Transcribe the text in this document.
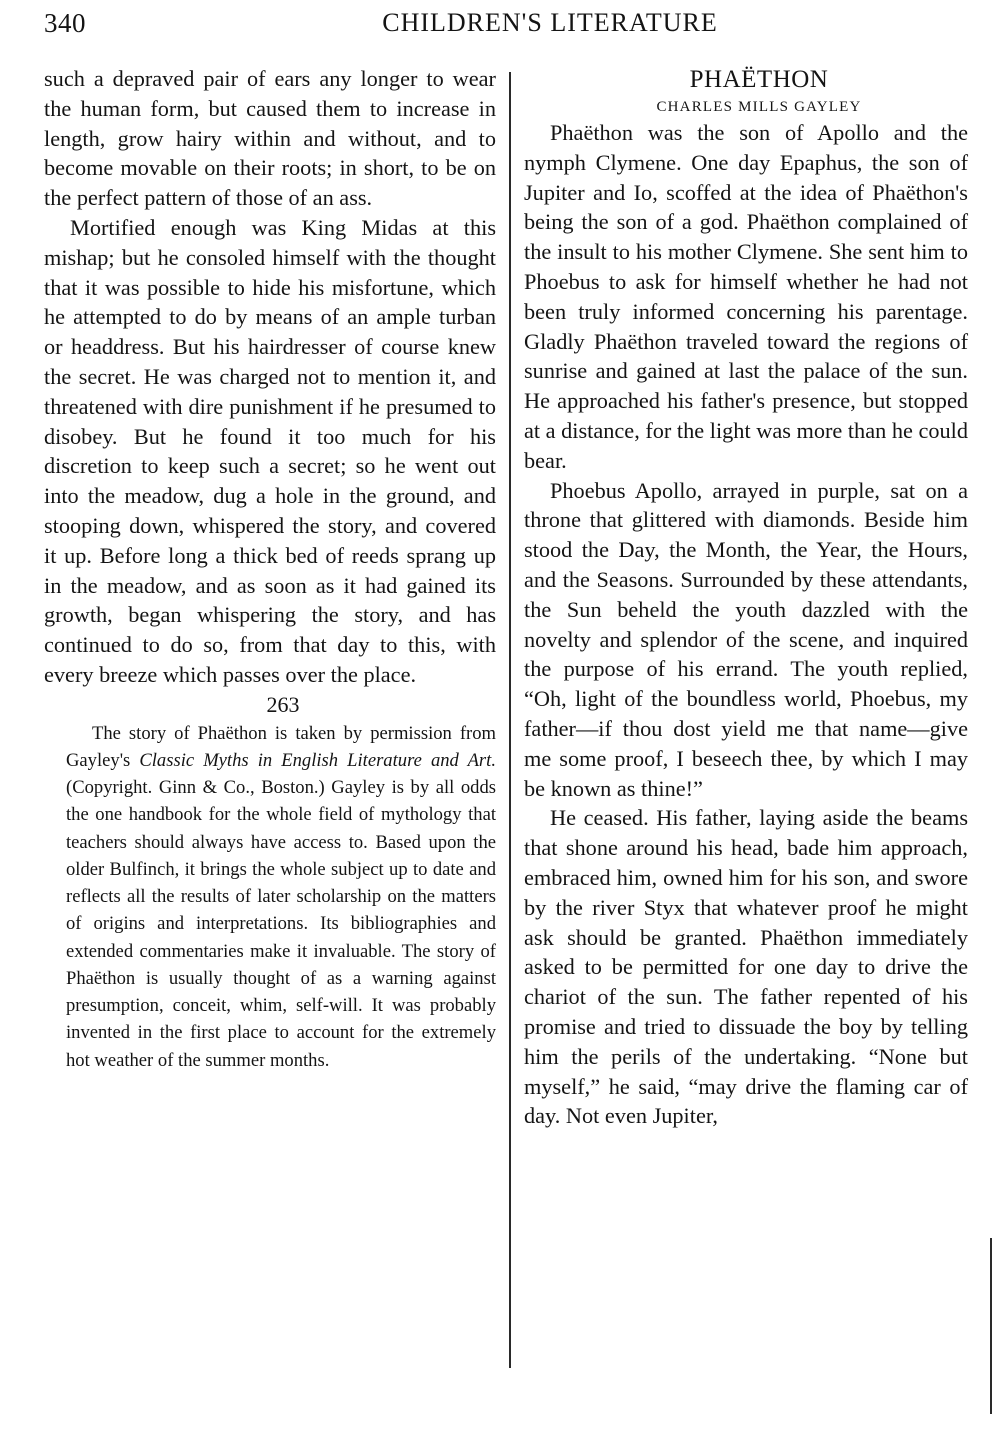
340	CHILDREN'S LITERATURE

such a depraved pair of ears any longer to wear the human form, but caused them to increase in length, grow hairy within and without, and to become movable on their roots; in short, to be on the perfect pattern of those of an ass.

Mortified enough was King Midas at this mishap; but he consoled himself with the thought that it was possible to hide his misfortune, which he attempted to do by means of an ample turban or headdress. But his hairdresser of course knew the secret. He was charged not to mention it, and threatened with dire punishment if he presumed to disobey. But he found it too much for his discretion to keep such a secret; so he went out into the meadow, dug a hole in the ground, and stooping down, whispered the story, and covered it up. Before long a thick bed of reeds sprang up in the meadow, and as soon as it had gained its growth, began whispering the story, and has continued to do so, from that day to this, with every breeze which passes over the place.

263

The story of Phaëthon is taken by permission from Gayley's Classic Myths in English Literature and Art. (Copyright. Ginn & Co., Boston.) Gayley is by all odds the one handbook for the whole field of mythology that teachers should always have access to. Based upon the older Bulfinch, it brings the whole subject up to date and reflects all the results of later scholarship on the matters of origins and interpretations. Its bibliographies and extended commentaries make it invaluable. The story of Phaëthon is usually thought of as a warning against presumption, conceit, whim, self-will. It was probably invented in the first place to account for the extremely hot weather of the summer months.

PHAËTHON

CHARLES MILLS GAYLEY

Phaëthon was the son of Apollo and the nymph Clymene. One day Epaphus, the son of Jupiter and Io, scoffed at the idea of Phaëthon's being the son of a god. Phaëthon complained of the insult to his mother Clymene. She sent him to Phoebus to ask for himself whether he had not been truly informed concerning his parentage. Gladly Phaëthon traveled toward the regions of sunrise and gained at last the palace of the sun. He approached his father's presence, but stopped at a distance, for the light was more than he could bear.

Phoebus Apollo, arrayed in purple, sat on a throne that glittered with diamonds. Beside him stood the Day, the Month, the Year, the Hours, and the Seasons. Surrounded by these attendants, the Sun beheld the youth dazzled with the novelty and splendor of the scene, and inquired the purpose of his errand. The youth replied, “Oh, light of the boundless world, Phoebus, my father—if thou dost yield me that name—give me some proof, I beseech thee, by which I may be known as thine!”

He ceased. His father, laying aside the beams that shone around his head, bade him approach, embraced him, owned him for his son, and swore by the river Styx that whatever proof he might ask should be granted. Phaëthon immediately asked to be permitted for one day to drive the chariot of the sun. The father repented of his promise and tried to dissuade the boy by telling him the perils of the undertaking. “None but myself,” he said, “may drive the flaming car of day. Not even Jupiter,
